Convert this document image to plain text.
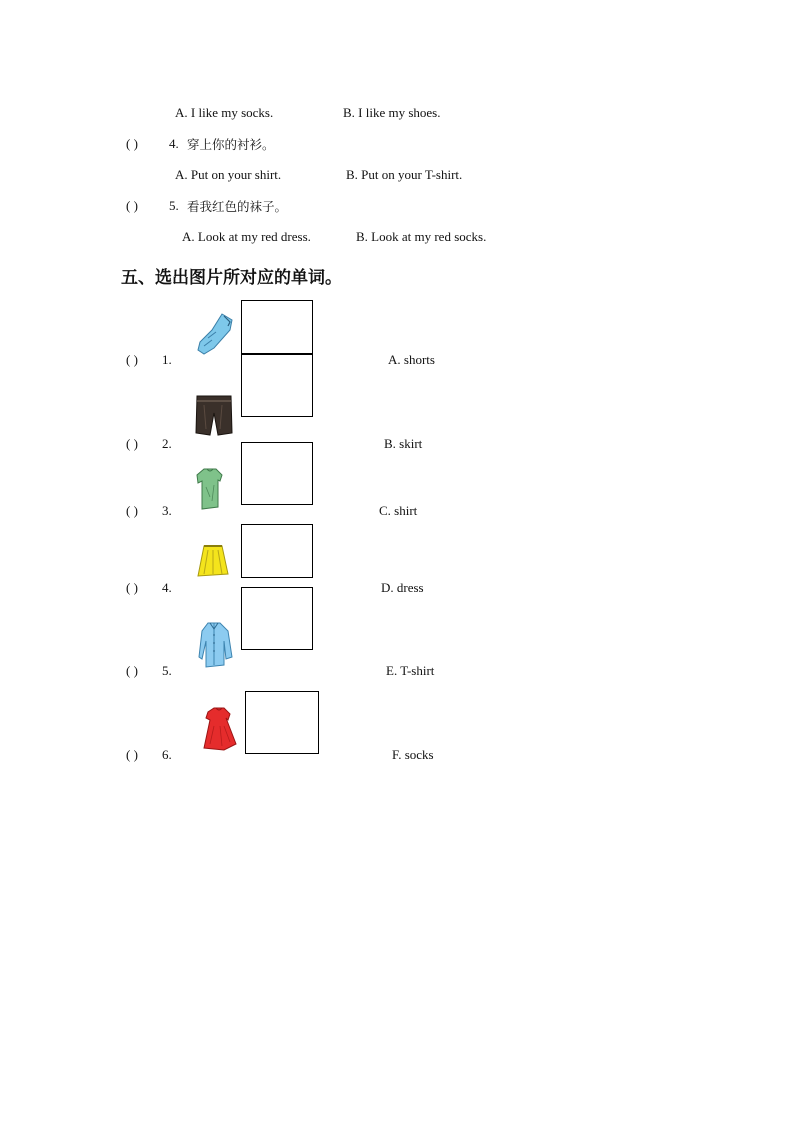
A. I like my socks.	B. I like my shoes.
( ) 4. 穿上你的衬衫。
A. Put on your shirt.	B. Put on your T-shirt.
( ) 5. 看我红色的袜子。
A. Look at my red dress.	B. Look at my red socks.
五、选出图片所对应的单词。
( ) 1.	A. shorts
( ) 2.	B. skirt
( ) 3.	C. shirt
( ) 4.	D. dress
( ) 5.	E. T-shirt
( ) 6.	F. socks
